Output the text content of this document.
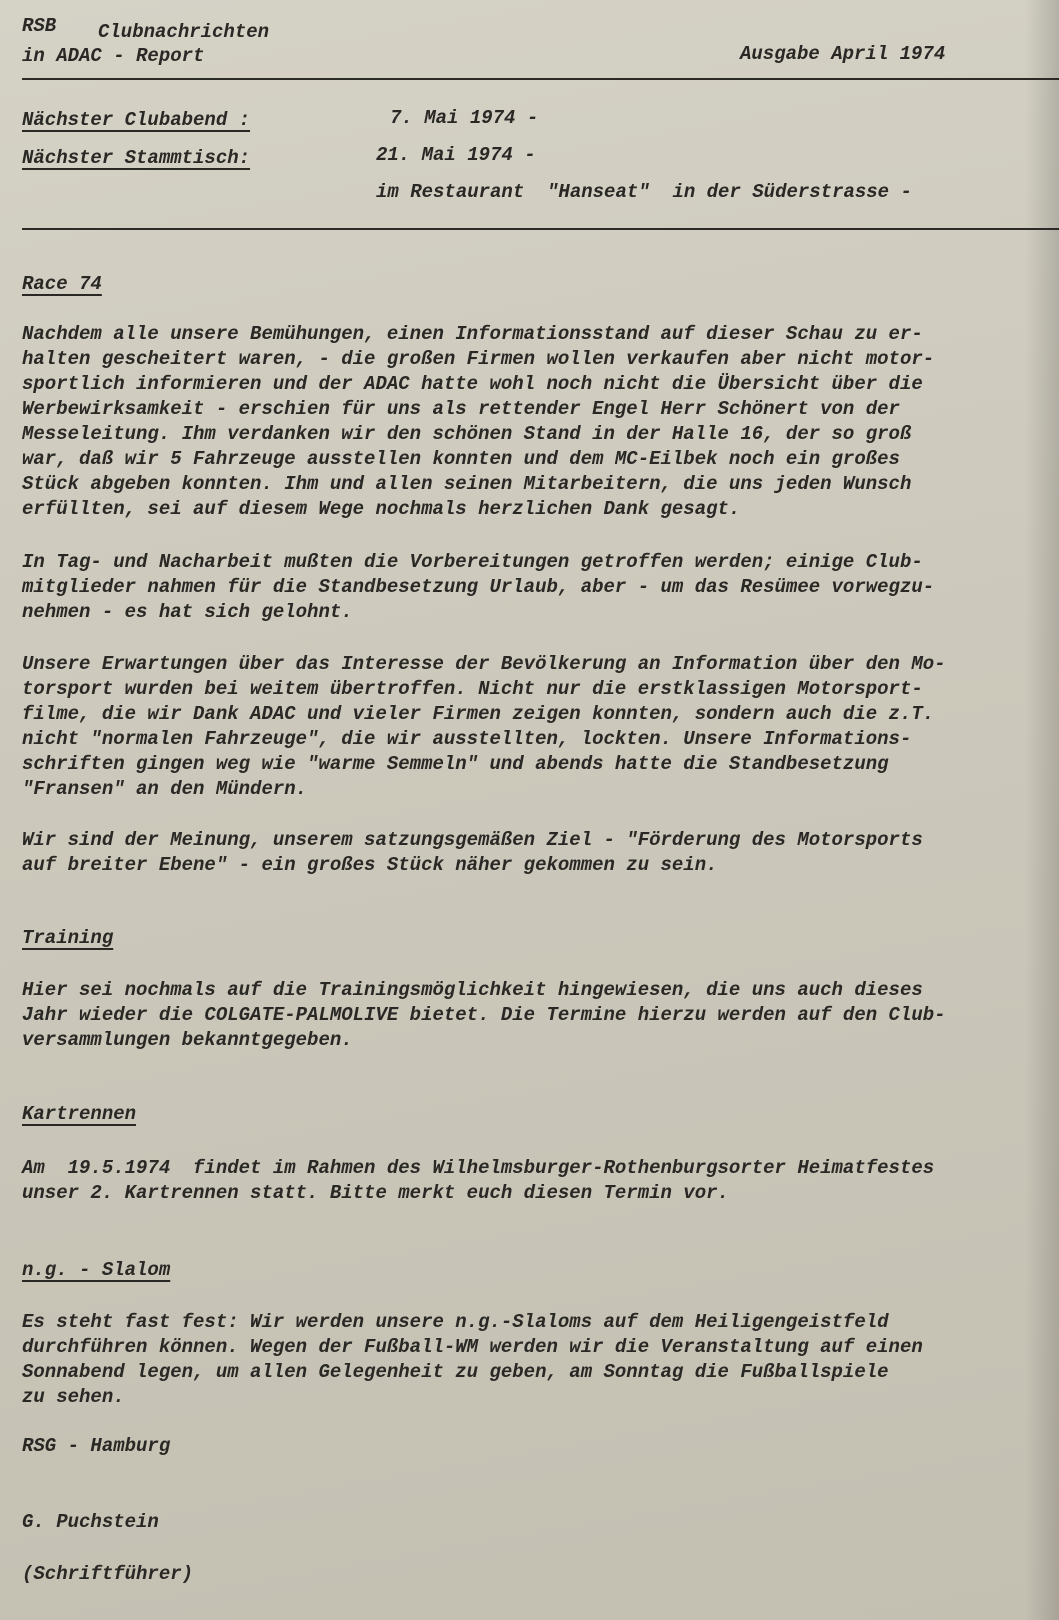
RSB Clubnachrichten
in ADAC - Report	Ausgabe April 1974
Nächster Clubabend :	7. Mai 1974 -
Nächster Stammtisch:	21. Mai 1974 -
im Restaurant  "Hanseat"  in der Süderstrasse -
Race 74
Nachdem alle unsere Bemühungen, einen Informationsstand auf dieser Schau zu er-
halten gescheitert waren, - die großen Firmen wollen verkaufen aber nicht motor-
sportlich informieren und der ADAC hatte wohl noch nicht die Übersicht über die
Werbewirksamkeit - erschien für uns als rettender Engel Herr Schönert von der
Messeleitung. Ihm verdanken wir den schönen Stand in der Halle 16, der so groß
war, daß wir 5 Fahrzeuge ausstellen konnten und dem MC-Eilbek noch ein großes
Stück abgeben konnten. Ihm und allen seinen Mitarbeitern, die uns jeden Wunsch
erfüllten, sei auf diesem Wege nochmals herzlichen Dank gesagt.
In Tag- und Nacharbeit mußten die Vorbereitungen getroffen werden; einige Club-
mitglieder nahmen für die Standbesetzung Urlaub, aber - um das Resümee vorwegzu-
nehmen - es hat sich gelohnt.
Unsere Erwartungen über das Interesse der Bevölkerung an Information über den Mo-
torsport wurden bei weitem übertroffen. Nicht nur die erstklassigen Motorsport-
filme, die wir Dank ADAC und vieler Firmen zeigen konnten, sondern auch die z.T.
nicht "normalen Fahrzeuge", die wir ausstellten, lockten. Unsere Informations-
schriften gingen weg wie "warme Semmeln" und abends hatte die Standbesetzung
"Fransen" an den Mündern.
Wir sind der Meinung, unserem satzungsgemäßen Ziel - "Förderung des Motorsports
auf breiter Ebene" - ein großes Stück näher gekommen zu sein.
Training
Hier sei nochmals auf die Trainingsmöglichkeit hingewiesen, die uns auch dieses
Jahr wieder die COLGATE-PALMOLIVE bietet. Die Termine hierzu werden auf den Club-
versammlungen bekanntgegeben.
Kartrennen
Am  19.5.1974  findet im Rahmen des Wilhelmsburger-Rothenburgsorter Heimatfestes
unser 2. Kartrennen statt. Bitte merkt euch diesen Termin vor.
n.g. - Slalom
Es steht fast fest: Wir werden unsere n.g.-Slaloms auf dem Heiligengeistfeld
durchführen können. Wegen der Fußball-WM werden wir die Veranstaltung auf einen
Sonnabend legen, um allen Gelegenheit zu geben, am Sonntag die Fußballspiele
zu sehen.
RSG - Hamburg
G. Puchstein
(Schriftführer)
